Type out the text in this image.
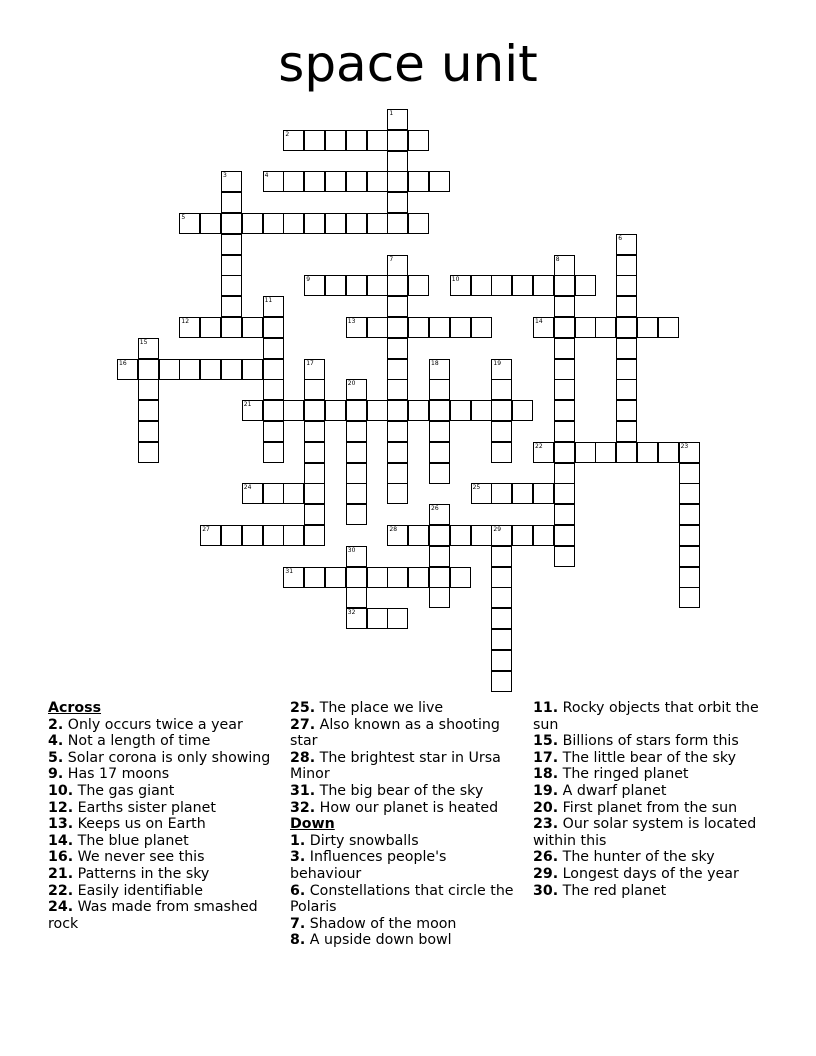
space unit
1
2
3	4
5
6
7	8
9	10
11
12	13	14
15
16	17	18	19
20
21
22	23
24	25
26
27	28	29
30
31
32
Across
2. Only occurs twice a year
4. Not a length of time
5. Solar corona is only showing
9. Has 17 moons
10. The gas giant
12. Earths sister planet
13. Keeps us on Earth
14. The blue planet
16. We never see this
21. Patterns in the sky
22. Easily identifiable
24. Was made from smashed rock
25. The place we live
27. Also known as a shooting star
28. The brightest star in Ursa Minor
31. The big bear of the sky
32. How our planet is heated
Down
1. Dirty snowballs
3. Influences people's behaviour
6. Constellations that circle the Polaris
7. Shadow of the moon
8. A upside down bowl
11. Rocky objects that orbit the sun
15. Billions of stars form this
17. The little bear of the sky
18. The ringed planet
19. A dwarf planet
20. First planet from the sun
23. Our solar system is located within this
26. The hunter of the sky
29. Longest days of the year
30. The red planet
